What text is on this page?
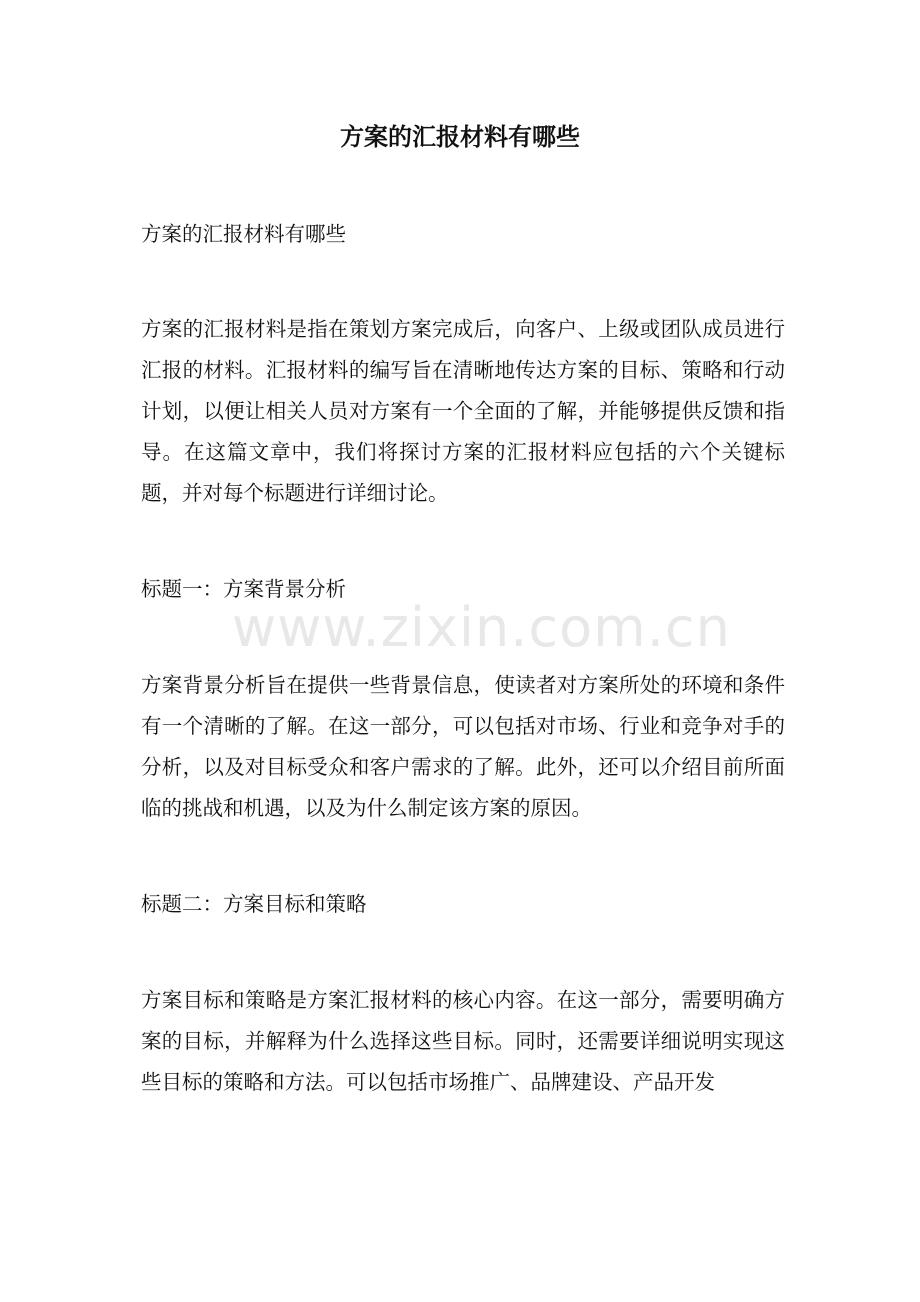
方案的汇报材料有哪些

方案的汇报材料有哪些

方案的汇报材料是指在策划方案完成后，向客户、上级或团队成员进行汇报的材料。汇报材料的编写旨在清晰地传达方案的目标、策略和行动计划，以便让相关人员对方案有一个全面的了解，并能够提供反馈和指导。在这篇文章中，我们将探讨方案的汇报材料应包括的六个关键标题，并对每个标题进行详细讨论。

标题一：方案背景分析

方案背景分析旨在提供一些背景信息，使读者对方案所处的环境和条件有一个清晰的了解。在这一部分，可以包括对市场、行业和竞争对手的分析，以及对目标受众和客户需求的了解。此外，还可以介绍目前所面临的挑战和机遇，以及为什么制定该方案的原因。

标题二：方案目标和策略

方案目标和策略是方案汇报材料的核心内容。在这一部分，需要明确方案的目标，并解释为什么选择这些目标。同时，还需要详细说明实现这些目标的策略和方法。可以包括市场推广、品牌建设、产品开发

www.zixin.com.cn
